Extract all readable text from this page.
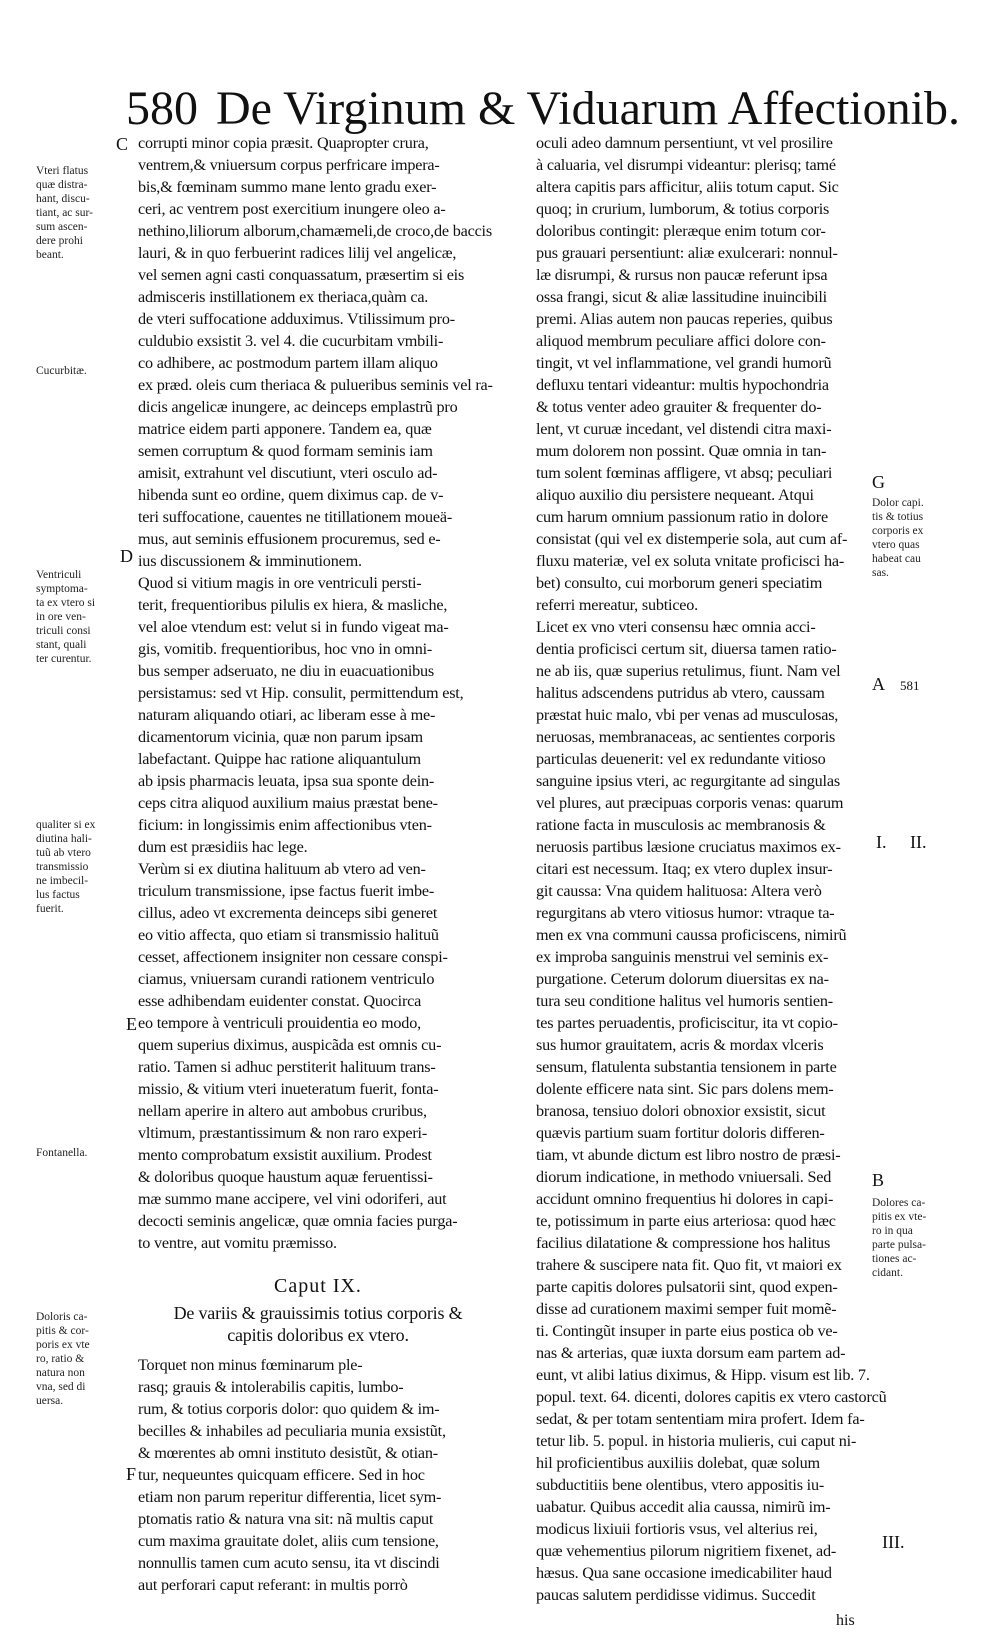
580 De Virginum & Viduarum Affectionib.
corrupti minor copia præsit. Quapropter crura,
ventrem,& vniuersum corpus perfricare impera-
bis,& fœminam summo mane lento gradu exer-
ceri, ac ventrem post exercitium inungere oleo a-
nethino,liliorum alborum,chamæmeli,de croco,de baccis
lauri, & in quo ferbuerint radices lilij vel angelicæ,
vel semen agni casti conquassatum, præsertim si eis
admisceris instillationem ex theriaca,quàm ca.
de vteri suffocatione adduximus. Vtilissimum pro-
culdubio exsistit 3. vel 4. die cucurbitam vmbili-
co adhibere, ac postmodum partem illam aliquo
ex præd. oleis cum theriaca & pulueribus seminis vel ra-
dicis angelicæ inungere, ac deinceps emplastrũ pro
matrice eidem parti apponere. Tandem ea, quæ
semen corruptum & quod formam seminis iam
amisit, extrahunt vel discutiunt, vteri osculo ad-
hibenda sunt eo ordine, quem diximus cap. de v-
teri suffocatione, cauentes ne titillationem moueä-
mus, aut seminis effusionem procuremus, sed e-
ius discussionem & imminutionem.
Quod si vitium magis in ore ventriculi persti-
terit, frequentioribus pilulis ex hiera, & masliche,
vel aloe vtendum est: velut si in fundo vigeat ma-
gis, vomitib. frequentioribus, hoc vno in omni-
bus semper adseruato, ne diu in euacuationibus
persistamus: sed vt Hip. consulit, permittendum est,
naturam aliquando otiari, ac liberam esse à me-
dicamentorum vicinia, quæ non parum ipsam
labefactant. Quippe hac ratione aliquantulum
ab ipsis pharmacis leuata, ipsa sua sponte dein-
ceps citra aliquod auxilium maius præstat bene-
ficium: in longissimis enim affectionibus vten-
dum est præsidiis hac lege.
Verùm si ex diutina halituum ab vtero ad ven-
triculum transmissione, ipse factus fuerit imbe-
cillus, adeo vt excrementa deinceps sibi generet
eo vitio affecta, quo etiam si transmissio halituũ
cesset, affectionem insigniter non cessare conspi-
ciamus, vniuersam curandi rationem ventriculo
esse adhibendam euidenter constat. Quocirca
eo tempore à ventriculi prouidentia eo modo,
quem superius diximus, auspicãda est omnis cu-
ratio. Tamen si adhuc perstiterit halituum trans-
missio, & vitium vteri inueteratum fuerit, fonta-
nellam aperire in altero aut ambobus cruribus,
vltimum, præstantissimum & non raro experi-
mento comprobatum exsistit auxilium. Prodest
& doloribus quoque haustum aquæ feruentissi-
mæ summo mane accipere, vel vini odoriferi, aut
decocti seminis angelicæ, quæ omnia facies purga-
to ventre, aut vomitu præmisso.
Caput IX.
De variis & grauissimis totius corporis &
capitis doloribus ex vtero.
Torquet non minus fœminarum ple-
rasq; grauis & intolerabilis capitis, lumbo-
rum, & totius corporis dolor: quo quidem & im-
becilles & inhabiles ad peculiaria munia exsistũt,
& mœrentes ab omni instituto desistũt, & otian-
tur, nequeuntes quicquam efficere. Sed in hoc
etiam non parum reperitur differentia, licet sym-
ptomatis ratio & natura vna sit: nã multis caput
cum maxima grauitate dolet, aliis cum tensione,
nonnullis tamen cum acuto sensu, ita vt discindi
aut perforari caput referant: in multis porrò
oculi adeo damnum persentiunt, vt vel prosilire
à caluaria, vel disrumpi videantur: plerisq; tamé
altera capitis pars afficitur, aliis totum caput. Sic
quoq; in crurium, lumborum, & totius corporis
doloribus contingit: pleræque enim totum cor-
pus grauari persentiunt: aliæ exulcerari: nonnul-
læ disrumpi, & rursus non paucæ referunt ipsa
ossa frangi, sicut & aliæ lassitudine inuincibili
premi. Alias autem non paucas reperies, quibus
aliquod membrum peculiare affici dolore con-
tingit, vt vel inflammatione, vel grandi humorũ
defluxu tentari videantur: multis hypochondria
& totus venter adeo grauiter & frequenter do-
lent, vt curuæ incedant, vel distendi citra maxi-
mum dolorem non possint. Quæ omnia in tan-
tum solent fœminas affligere, vt absq; peculiari
aliquo auxilio diu persistere nequeant. Atqui
cum harum omnium passionum ratio in dolore
consistat (qui vel ex distemperie sola, aut cum af-
fluxu materiæ, vel ex soluta vnitate proficisci ha-
bet) consulto, cui morborum generi speciatim
referri mereatur, subticeo.
Licet ex vno vteri consensu hæc omnia acci-
dentia proficisci certum sit, diuersa tamen ratio-
ne ab iis, quæ superius retulimus, fiunt. Nam vel
halitus adscendens putridus ab vtero, caussam
præstat huic malo, vbi per venas ad musculosas,
neruosas, membranaceas, ac sentientes corporis
particulas deuenerit: vel ex redundante vitioso
sanguine ipsius vteri, ac regurgitante ad singulas
vel plures, aut præcipuas corporis venas: quarum
ratione facta in musculosis ac membranosis &
neruosis partibus læsione cruciatus maximos ex-
citari est necessum. Itaq; ex vtero duplex insur-
git caussa: Vna quidem halituosa: Altera verò
regurgitans ab vtero vitiosus humor: vtraque ta-
men ex vna communi caussa proficiscens, nimirũ
ex improba sanguinis menstrui vel seminis ex-
purgatione. Ceterum dolorum diuersitas ex na-
tura seu conditione halitus vel humoris sentien-
tes partes peruadentis, proficiscitur, ita vt copio-
sus humor grauitatem, acris & mordax vlceris
sensum, flatulenta substantia tensionem in parte
dolente efficere nata sint. Sic pars dolens mem-
branosa, tensiuo dolori obnoxior exsistit, sicut
quævis partium suam fortitur doloris differen-
tiam, vt abunde dictum est libro nostro de præsi-
diorum indicatione, in methodo vniuersali. Sed
accidunt omnino frequentius hi dolores in capi-
te, potissimum in parte eius arteriosa: quod hæc
facilius dilatatione & compressione hos halitus
trahere & suscipere nata fit. Quo fit, vt maiori ex
parte capitis dolores pulsatorii sint, quod expen-
disse ad curationem maximi semper fuit momẽ-
ti. Contingũt insuper in parte eius postica ob ve-
nas & arterias, quæ iuxta dorsum eam partem ad-
eunt, vt alibi latius diximus, & Hipp. visum est lib. 7.
popul. text. 64. dicenti, dolores capitis ex vtero castorcũ
sedat, & per totam sententiam mira profert. Idem fa-
tetur lib. 5. popul. in historia mulieris, cui caput ni-
hil proficientibus auxiliis dolebat, quæ solum
subductitiis bene olentibus, vtero appositis iu-
uabatur. Quibus accedit alia caussa, nimirũ im-
modicus lixiuii fortioris vsus, vel alterius rei,
quæ vehementius pilorum nigritiem fixenet, ad-
hæsus. Qua sane occasione imedicabiliter haud
paucas salutem perdidisse vidimus. Succedit
Vteri flatus
quæ distra-
hant, discu-
tiant, ac sur-
sum ascen-
dere prohi
beant.
Cucurbitæ.
Ventriculi
symptoma-
ta ex vtero si
in ore ven-
triculi consi
stant, quali
ter curentur.
qualiter si ex
diutina hali-
tuũ ab vtero
transmissio
ne imbecil-
lus factus
fuerit.
Fontanella.
Doloris ca-
pitis & cor-
poris ex vte
ro, ratio &
natura non
vna, sed di
uersa.
Dolor capi.
tis & totius
corporis ex
vtero quas
habeat cau
sas.
Dolores ca-
pitis ex vte-
ro in qua
parte pulsa-
tiones ac-
cidant.
C
D
E
F
G
A 581
B
I. II.
III.
his
